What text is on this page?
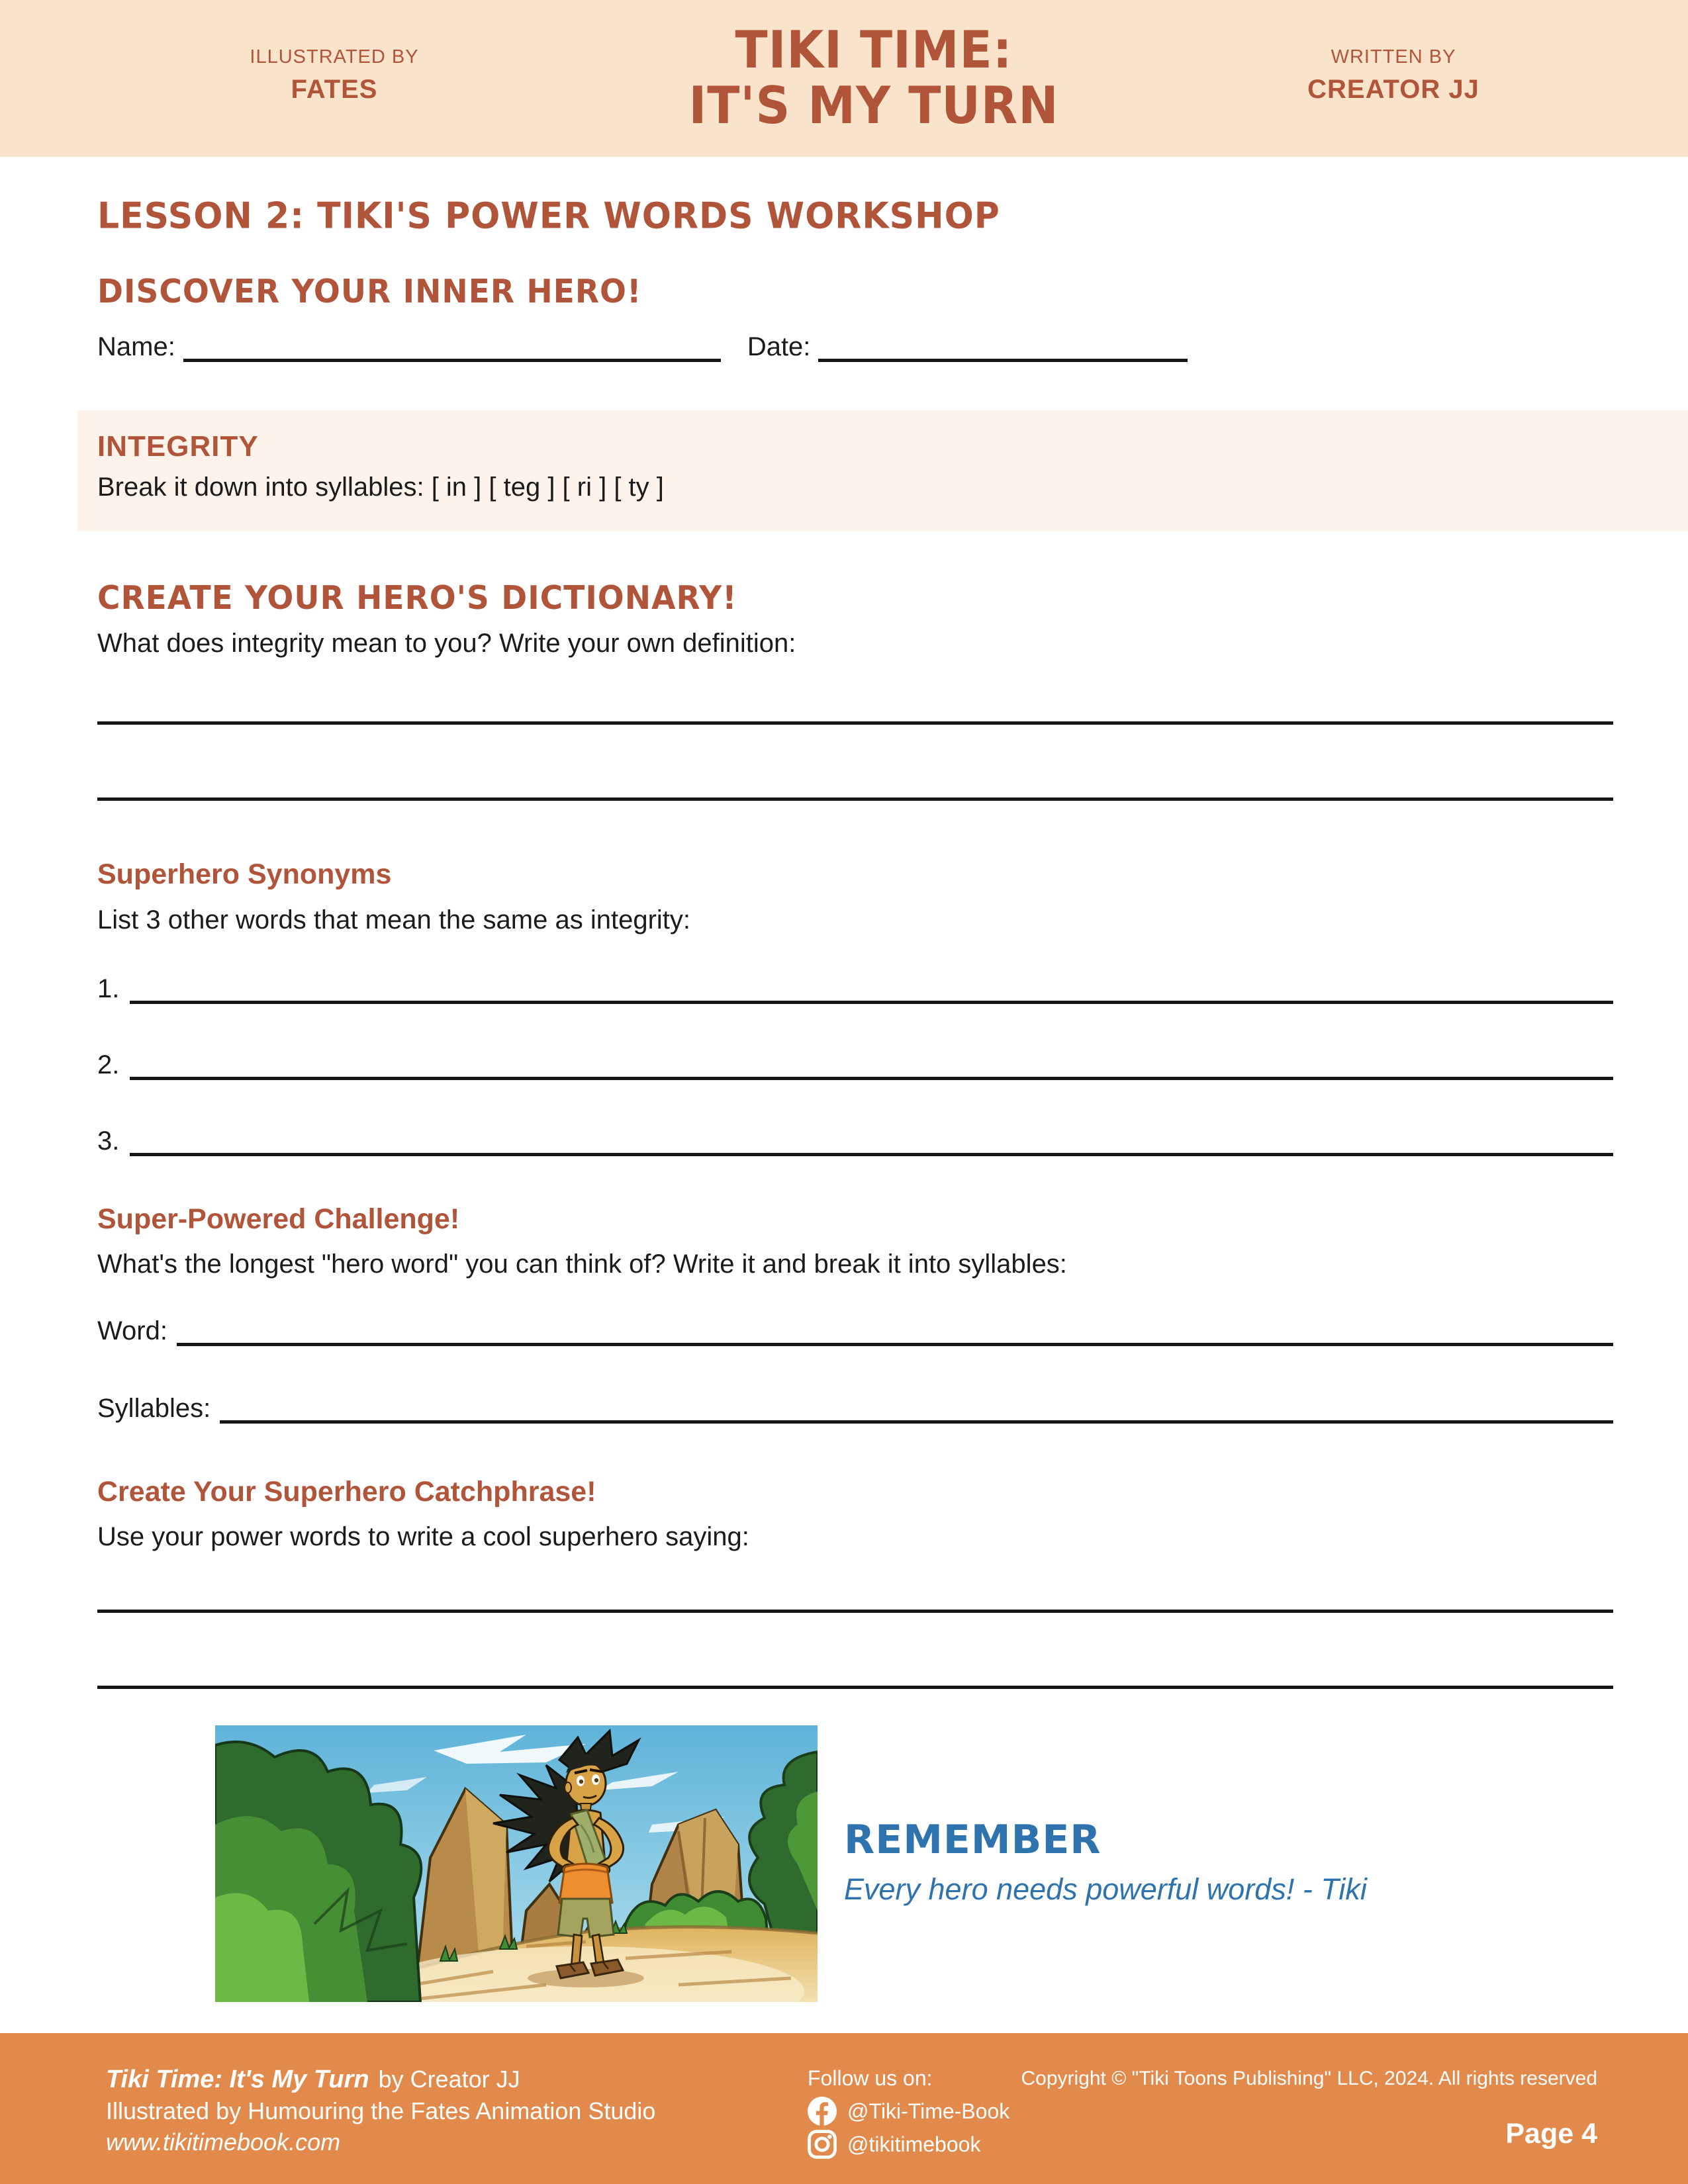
ILLUSTRATED BY
FATES
TIKI TIME:
IT'S MY TURN
WRITTEN BY
CREATOR JJ
LESSON 2: TIKI'S POWER WORDS WORKSHOP
DISCOVER YOUR INNER HERO!
Name:	Date:
INTEGRITY
Break it down into syllables: [ in ] [ teg ] [ ri ] [ ty ]
CREATE YOUR HERO'S DICTIONARY!
What does integrity mean to you? Write your own definition:
Superhero Synonyms
List 3 other words that mean the same as integrity:
1.
2.
3.
Super-Powered Challenge!
What's the longest "hero word" you can think of? Write it and break it into syllables:
Word:
Syllables:
Create Your Superhero Catchphrase!
Use your power words to write a cool superhero saying:
REMEMBER
Every hero needs powerful words! - Tiki
Tiki Time: It's My Turn by Creator JJ
Illustrated by Humouring the Fates Animation Studio
www.tikitimebook.com
Follow us on:
@Tiki-Time-Book
@tikitimebook
Copyright © "Tiki Toons Publishing" LLC, 2024. All rights reserved
Page 4
